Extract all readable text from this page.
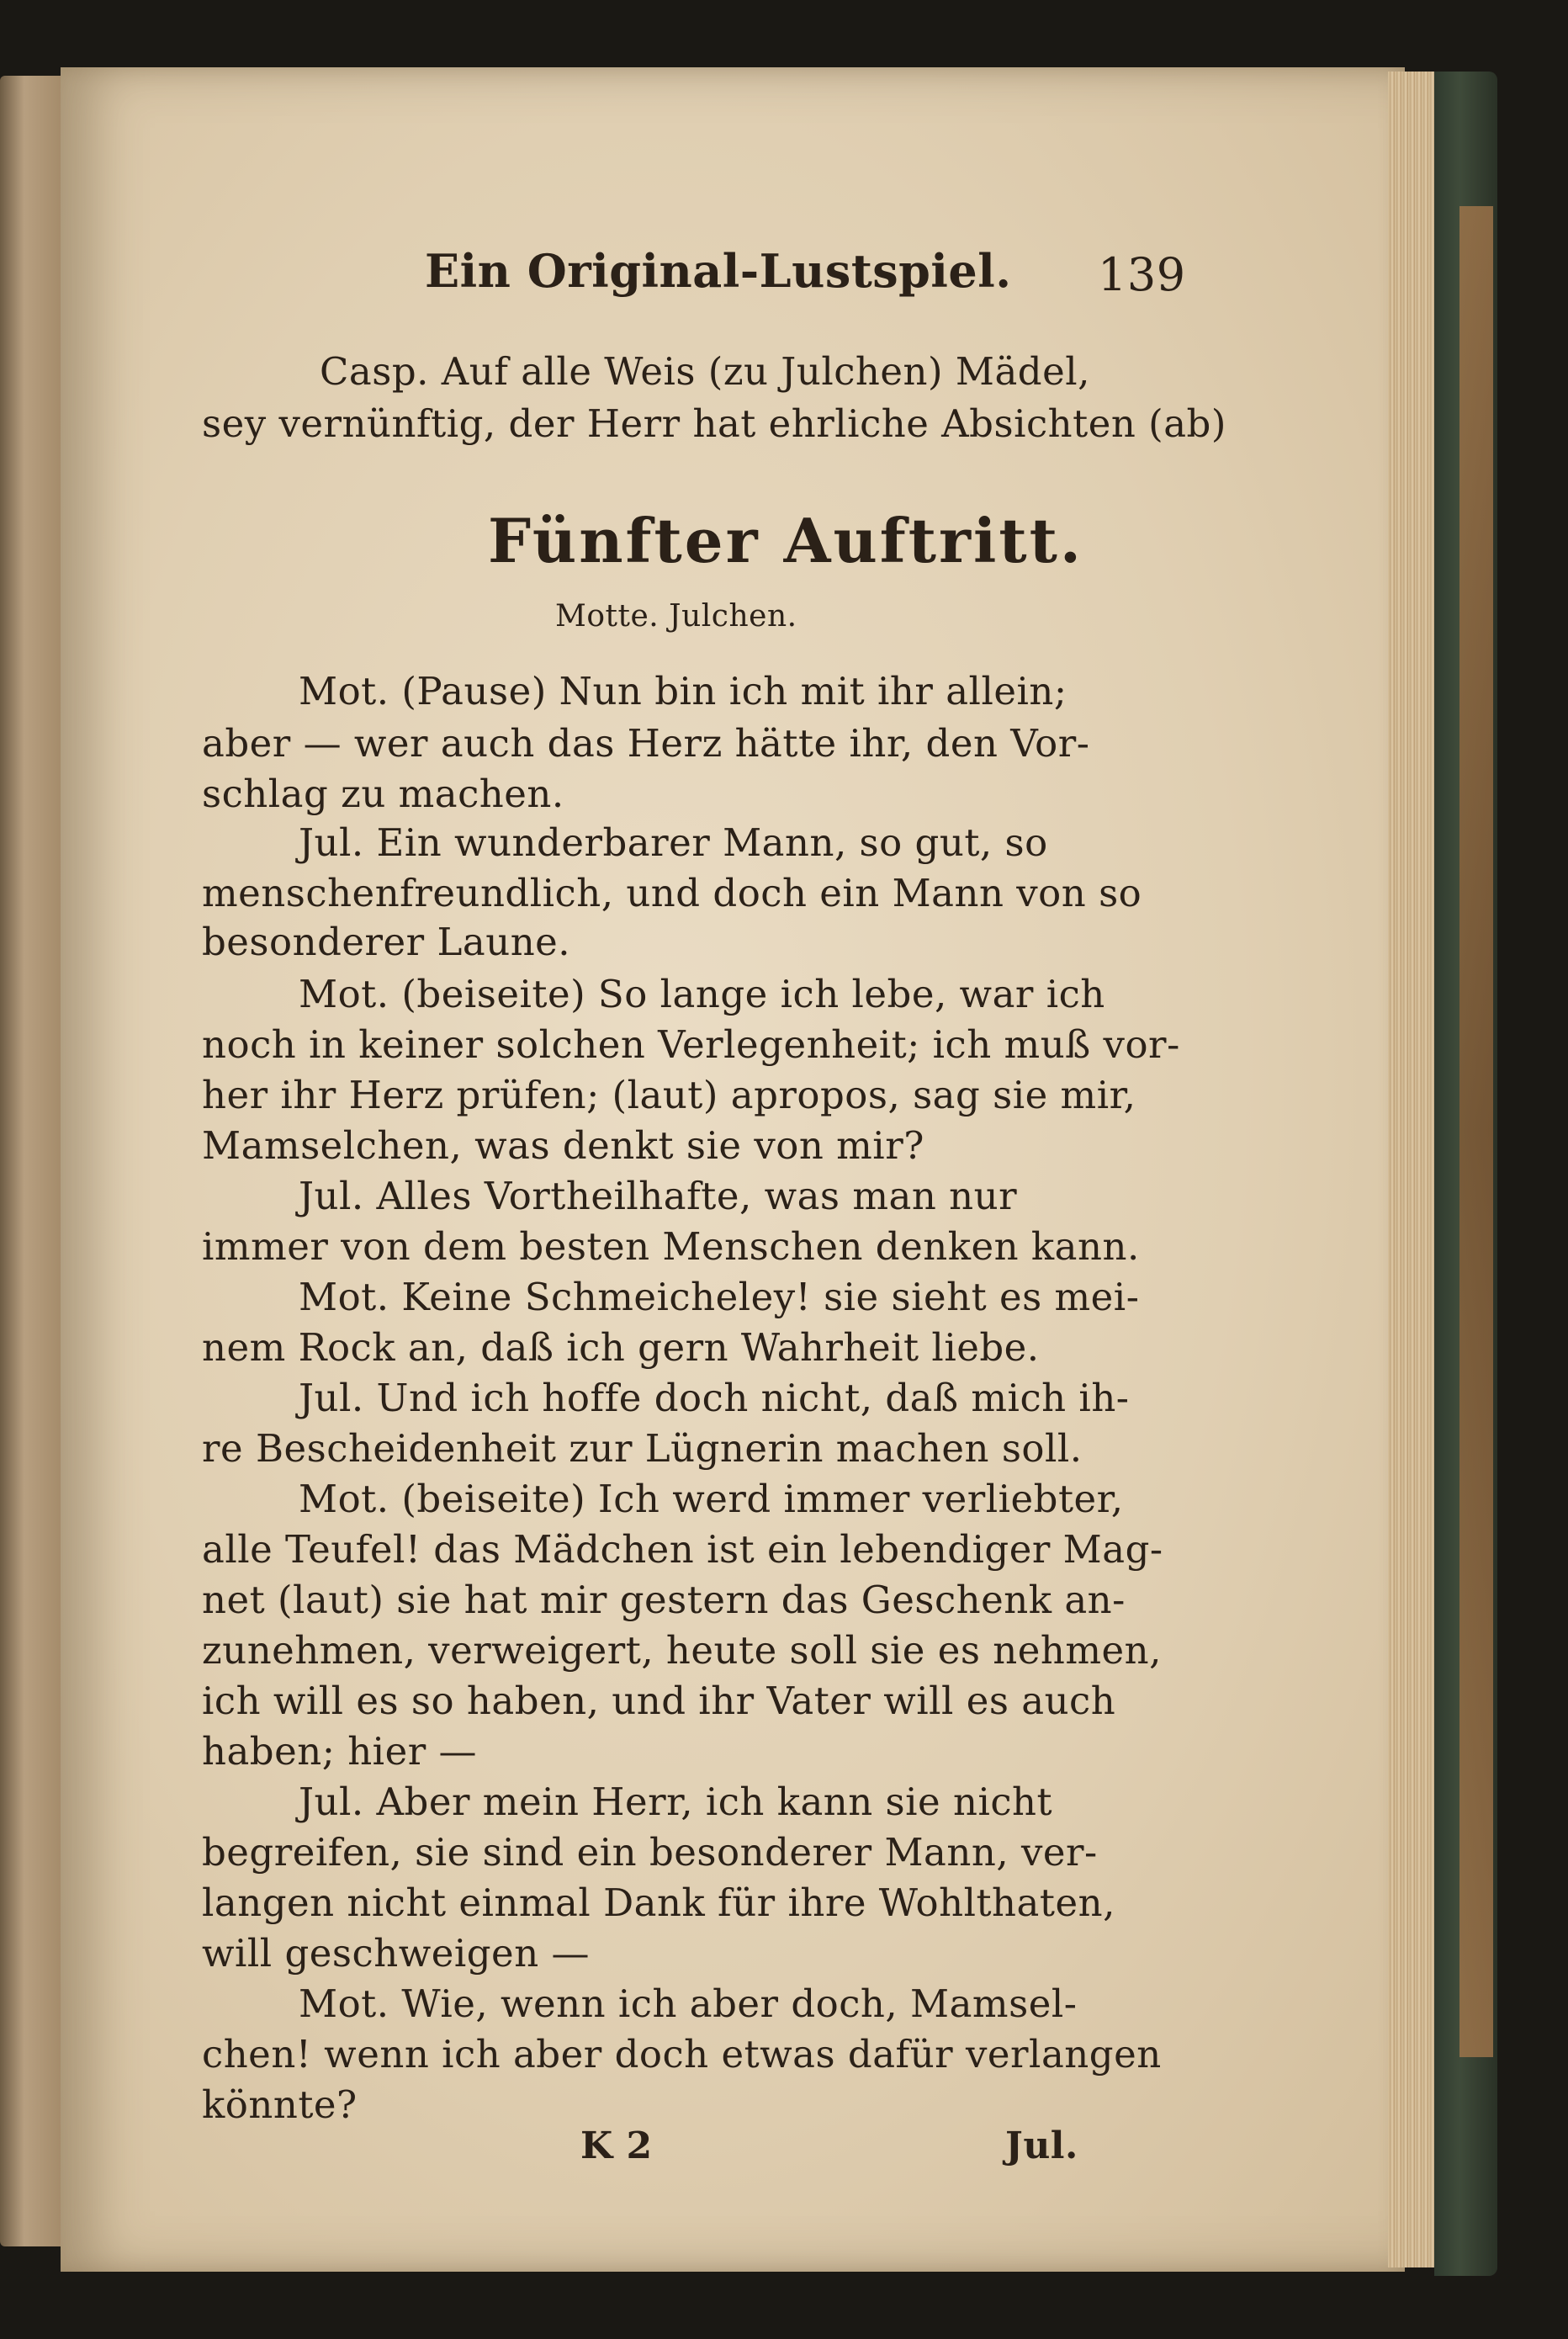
Ein Original-Lustspiel. 139

Casp. Auf alle Weis (zu Julchen) Mädel,

sey vernünftig, der Herr hat ehrliche Absichten (ab)

Fünfter Auftritt.

Motte. Julchen.

Mot. (Pause) Nun bin ich mit ihr allein;

aber — wer auch das Herz hätte ihr, den Vor-

schlag zu machen.

Jul. Ein wunderbarer Mann, so gut, so

menschenfreundlich, und doch ein Mann von so

besonderer Laune.

Mot. (beiseite) So lange ich lebe, war ich

noch in keiner solchen Verlegenheit; ich muß vor-

her ihr Herz prüfen; (laut) apropos, sag sie mir,

Mamselchen, was denkt sie von mir?

Jul. Alles Vortheilhafte, was man nur

immer von dem besten Menschen denken kann.

Mot. Keine Schmeicheley! sie sieht es mei-

nem Rock an, daß ich gern Wahrheit liebe.

Jul. Und ich hoffe doch nicht, daß mich ih-

re Bescheidenheit zur Lügnerin machen soll.

Mot. (beiseite) Ich werd immer verliebter,

alle Teufel! das Mädchen ist ein lebendiger Mag-

net (laut) sie hat mir gestern das Geschenk an-

zunehmen, verweigert, heute soll sie es nehmen,

ich will es so haben, und ihr Vater will es auch

haben; hier —

Jul. Aber mein Herr, ich kann sie nicht

begreifen, sie sind ein besonderer Mann, ver-

langen nicht einmal Dank für ihre Wohlthaten,

will geschweigen —

Mot. Wie, wenn ich aber doch, Mamsel-

chen! wenn ich aber doch etwas dafür verlangen

könnte?

K 2	Jul.
